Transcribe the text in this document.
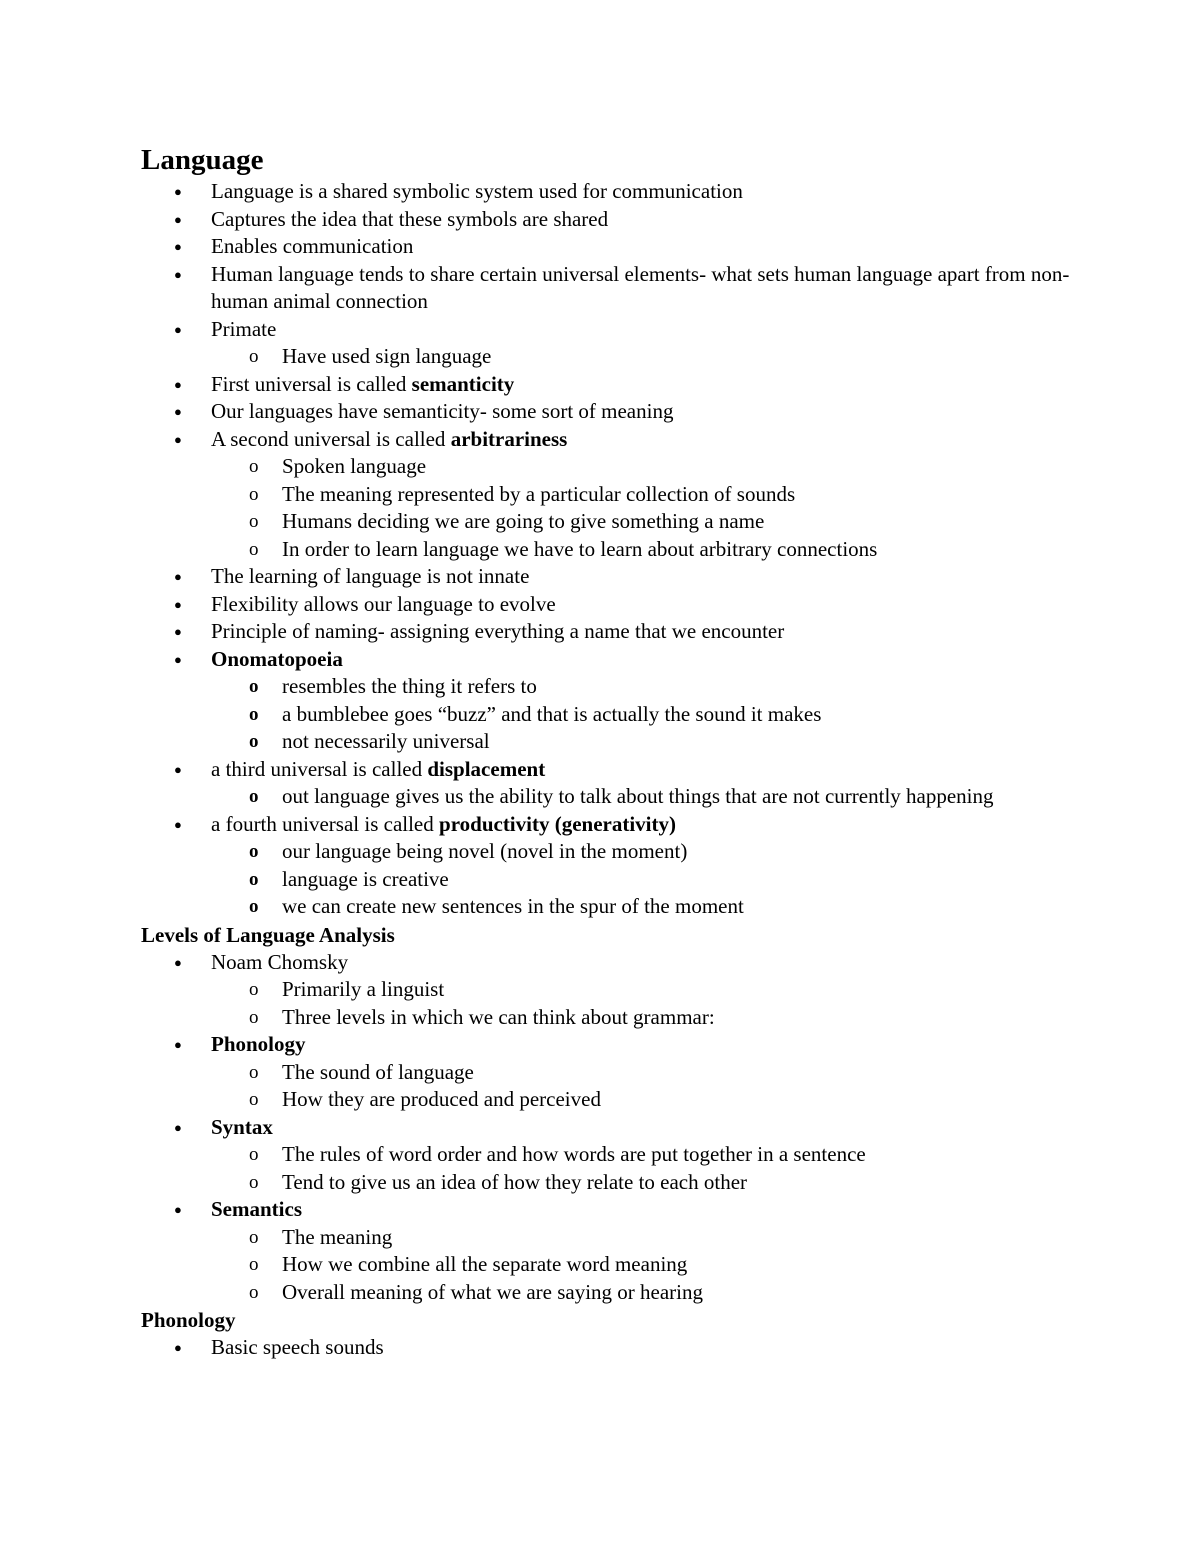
Language
● Language is a shared symbolic system used for communication
● Captures the idea that these symbols are shared
● Enables communication
● Human language tends to share certain universal elements- what sets human language apart from non-human animal connection
● Primate
o Have used sign language
● First universal is called semanticity
● Our languages have semanticity- some sort of meaning
● A second universal is called arbitrariness
o Spoken language
o The meaning represented by a particular collection of sounds
o Humans deciding we are going to give something a name
o In order to learn language we have to learn about arbitrary connections
● The learning of language is not innate
● Flexibility allows our language to evolve
● Principle of naming- assigning everything a name that we encounter
● Onomatopoeia
o resembles the thing it refers to
o a bumblebee goes “buzz” and that is actually the sound it makes
o not necessarily universal
● a third universal is called displacement
o out language gives us the ability to talk about things that are not currently happening
● a fourth universal is called productivity (generativity)
o our language being novel (novel in the moment)
o language is creative
o we can create new sentences in the spur of the moment
Levels of Language Analysis
● Noam Chomsky
o Primarily a linguist
o Three levels in which we can think about grammar:
● Phonology
o The sound of language
o How they are produced and perceived
● Syntax
o The rules of word order and how words are put together in a sentence
o Tend to give us an idea of how they relate to each other
● Semantics
o The meaning
o How we combine all the separate word meaning
o Overall meaning of what we are saying or hearing
Phonology
● Basic speech sounds
